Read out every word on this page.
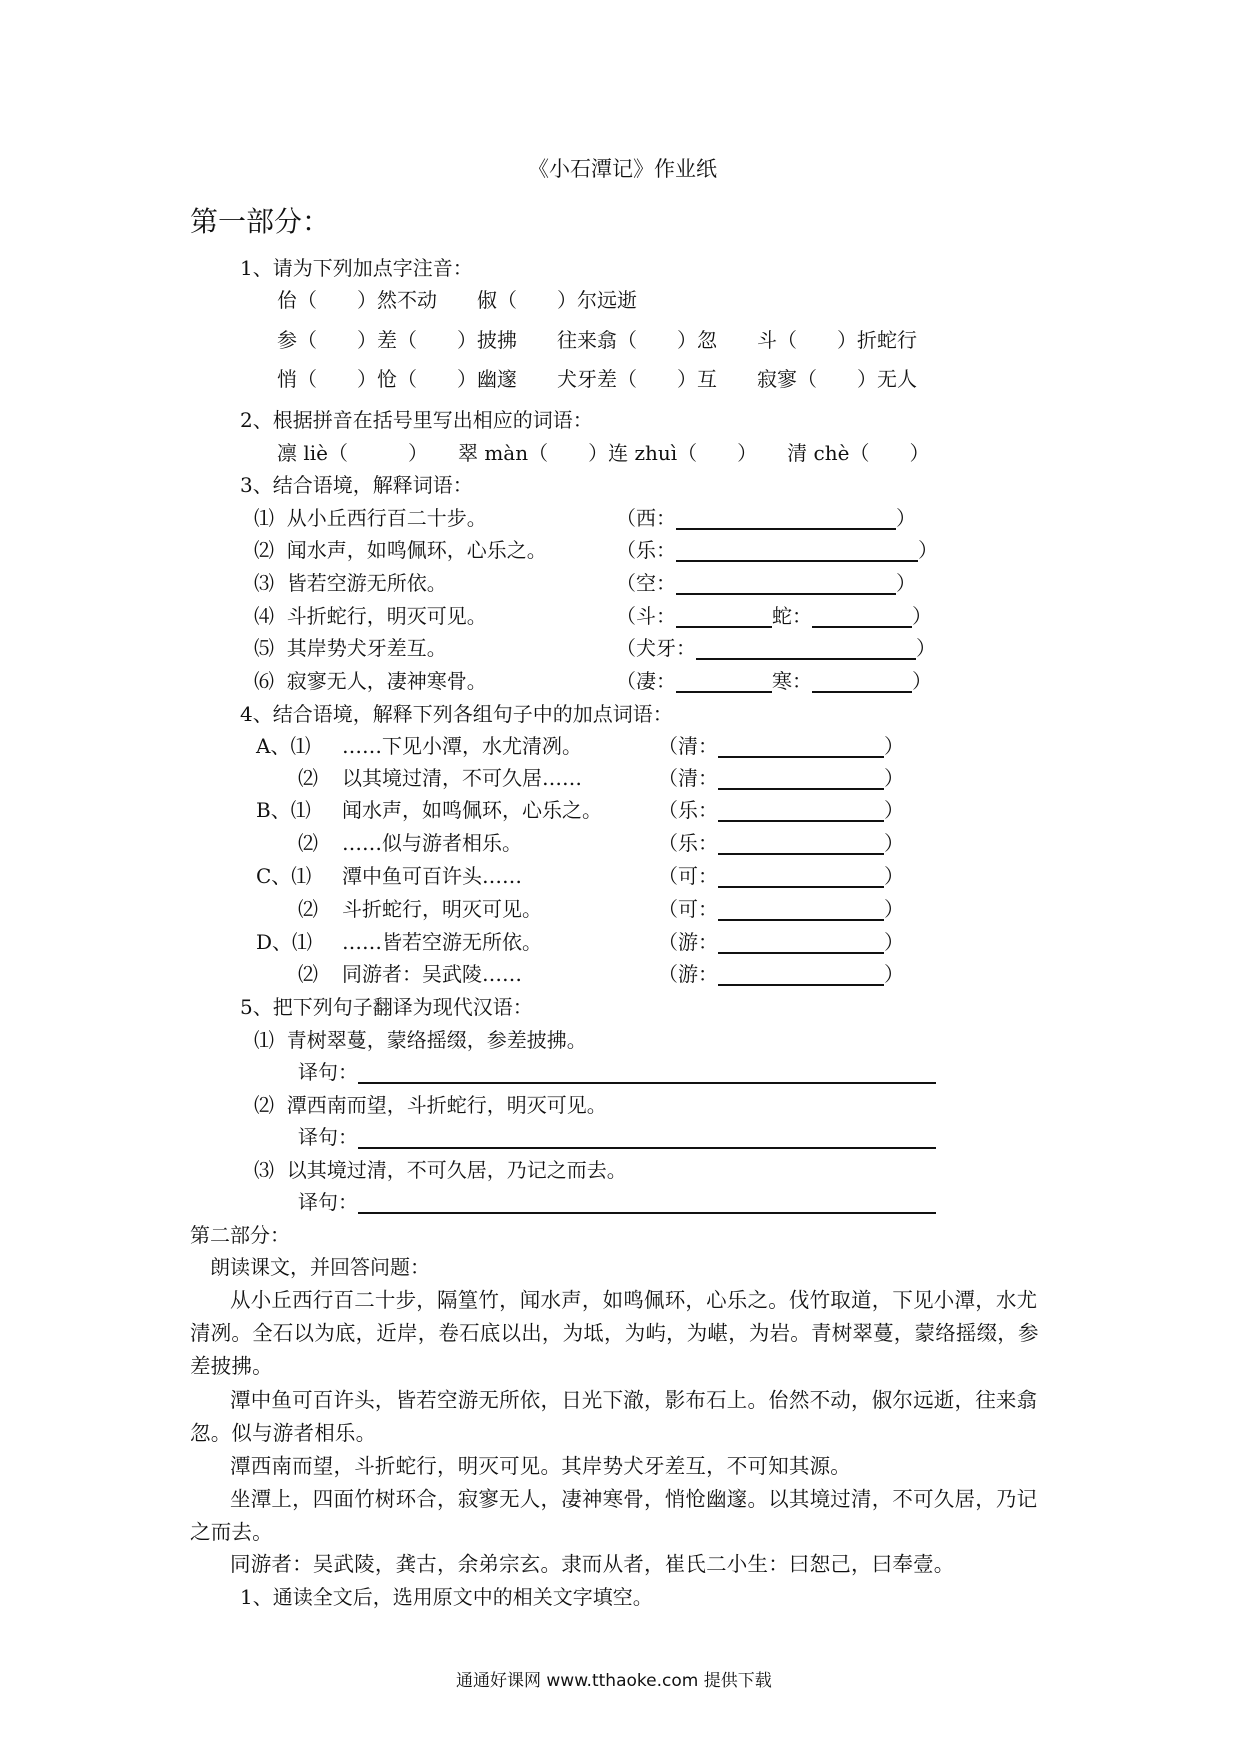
《小石潭记》作业纸
第一部分：
1、请为下列加点字注音：
佁（　　）然不动　　俶（　　）尔远逝
参（　　）差（　　）披拂　　往来翕（　　）忽　　斗（　　）折蛇行
悄（　　）怆（　　）幽邃　　犬牙差（　　）互　　寂寥（　　）无人
2、根据拼音在括号里写出相应的词语：
凛 liè（　　　）　　翠 màn（　　）连 zhuì（　　）　　清 chè（　　）
3、结合语境，解释词语：
⑴ 从小丘西行百二十步。	（西：	）
⑵ 闻水声，如鸣佩环，心乐之。	（乐：	）
⑶ 皆若空游无所依。	（空：	）
⑷ 斗折蛇行，明灭可见。	（斗：	蛇：	）
⑸ 其岸势犬牙差互。	（犬牙：	）
⑹ 寂寥无人，凄神寒骨。	（凄：	寒：	）
4、结合语境，解释下列各组句子中的加点词语：
A、⑴ ……下见小潭，水尤清冽。	（清：	）
⑵ 以其境过清，不可久居……	（清：	）
B、⑴ 闻水声，如鸣佩环，心乐之。	（乐：	）
⑵ ……似与游者相乐。	（乐：	）
C、⑴ 潭中鱼可百许头……	（可：	）
⑵ 斗折蛇行，明灭可见。	（可：	）
D、⑴ ……皆若空游无所依。	（游：	）
⑵ 同游者：吴武陵……	（游：	）
5、把下列句子翻译为现代汉语：
⑴ 青树翠蔓，蒙络摇缀，参差披拂。
译句：
⑵ 潭西南而望，斗折蛇行，明灭可见。
译句：
⑶ 以其境过清，不可久居，乃记之而去。
译句：
第二部分：
朗读课文，并回答问题：
从小丘西行百二十步，隔篁竹，闻水声，如鸣佩环，心乐之。伐竹取道，下见小潭，水尤清冽。全石以为底，近岸，卷石底以出，为坻，为屿，为嵁，为岩。青树翠蔓，蒙络摇缀，参差披拂。
潭中鱼可百许头，皆若空游无所依，日光下澈，影布石上。佁然不动，俶尔远逝，往来翕忽。似与游者相乐。
潭西南而望，斗折蛇行，明灭可见。其岸势犬牙差互，不可知其源。
坐潭上，四面竹树环合，寂寥无人，凄神寒骨，悄怆幽邃。以其境过清，不可久居，乃记之而去。
同游者：吴武陵，龚古，余弟宗玄。隶而从者，崔氏二小生：曰恕己，曰奉壹。
1、通读全文后，选用原文中的相关文字填空。
通通好课网 www.tthaoke.com 提供下载
